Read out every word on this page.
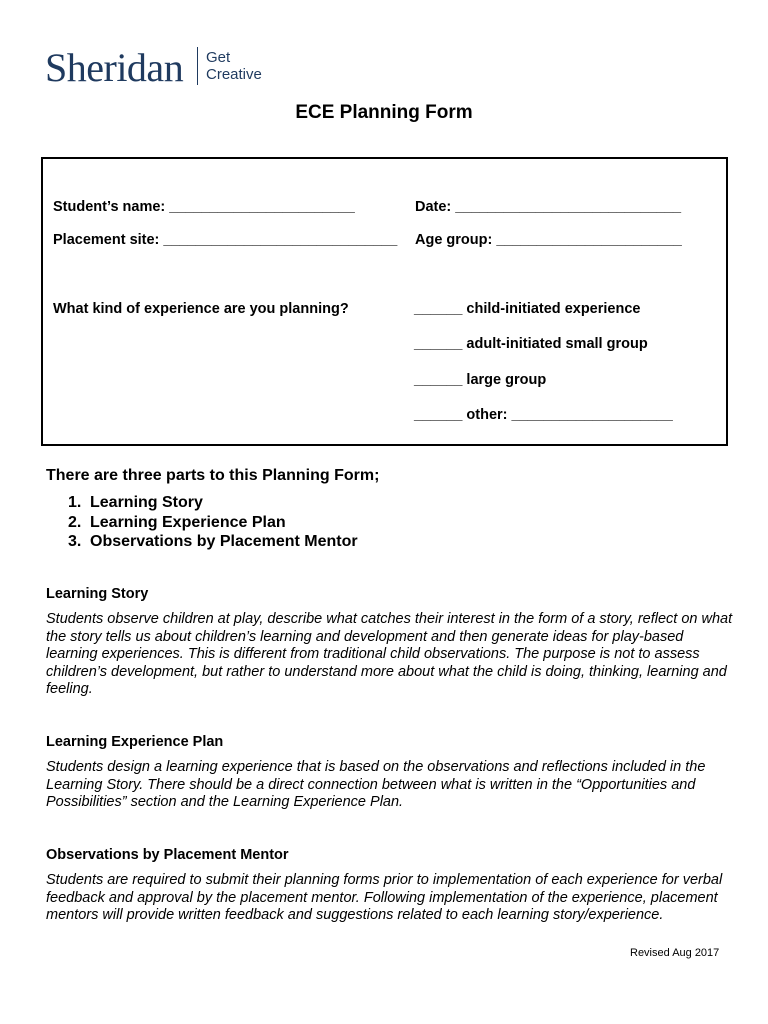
Sheridan Get
Creative
ECE Planning Form
Student’s name: _______________________	Date: ____________________________
Placement site: _____________________________ Age group: _______________________
What kind of experience are you planning?	______ child-initiated experience
______ adult-initiated small group
______ large group
______ other: ____________________
There are three parts to this Planning Form;
1. Learning Story
2. Learning Experience Plan
3. Observations by Placement Mentor
Learning Story
Students observe children at play, describe what catches their interest in the form of a story, reflect on what the story tells us about children’s learning and development and then generate ideas for play-based learning experiences. This is different from traditional child observations. The purpose is not to assess children’s development, but rather to understand more about what the child is doing, thinking, learning and feeling.
Learning Experience Plan
Students design a learning experience that is based on the observations and reflections included in the Learning Story. There should be a direct connection between what is written in the “Opportunities and Possibilities” section and the Learning Experience Plan.
Observations by Placement Mentor
Students are required to submit their planning forms prior to implementation of each experience for verbal feedback and approval by the placement mentor. Following implementation of the experience, placement mentors will provide written feedback and suggestions related to each learning story/experience.
Revised Aug 2017
